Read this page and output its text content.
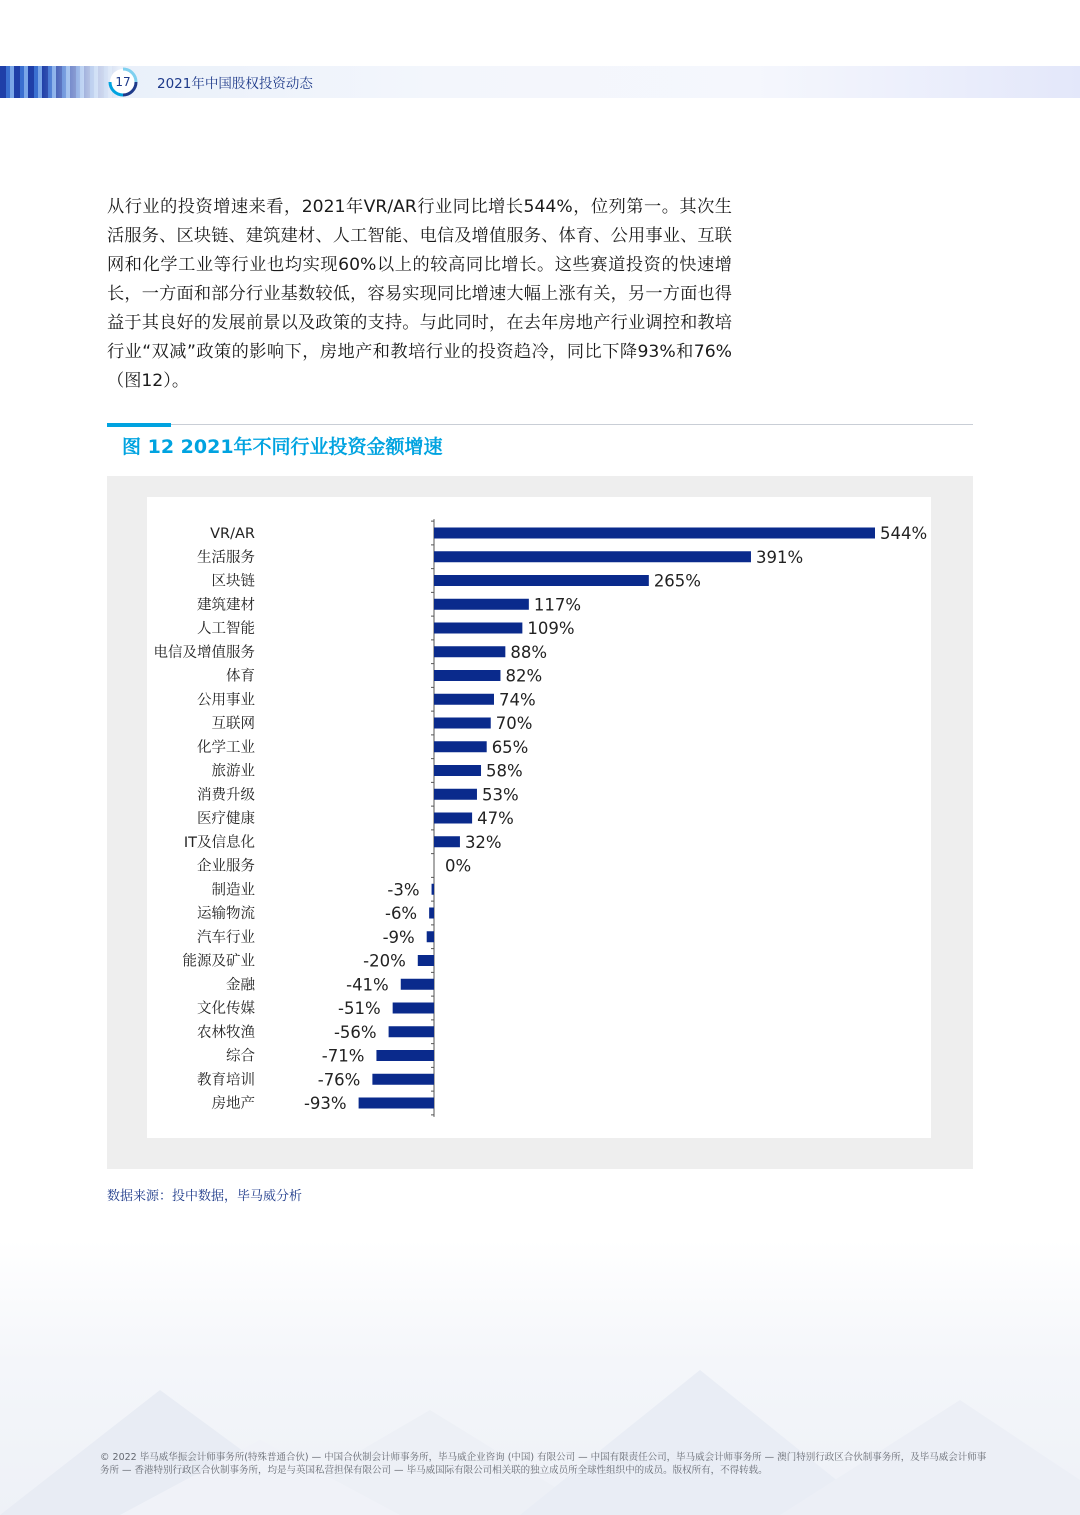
17	2021年中国股权投资动态

从行业的投资增速来看，2021年VR/AR行业同比增长544%，位列第一。其次生活服务、区块链、建筑建材、人工智能、电信及增值服务、体育、公用事业、互联网和化学工业等行业也均实现60%以上的较高同比增长。这些赛道投资的快速增长，一方面和部分行业基数较低，容易实现同比增速大幅上涨有关，另一方面也得益于其良好的发展前景以及政策的支持。与此同时，在去年房地产行业调控和教培行业“双减”政策的影响下，房地产和教培行业的投资趋冷，同比下降93%和76%（图12）。

图 12 2021年不同行业投资金额增速
VR/AR	544%
生活服务	391%
区块链	265%
建筑建材	117%
人工智能	109%
电信及增值服务	88%
体育	82%
公用事业	74%
互联网	70%
化学工业	65%
旅游业	58%
消费升级	53%
医疗健康	47%
IT及信息化	32%
企业服务	0%
制造业	-3%
运输物流	-6%
汽车行业	-9%
能源及矿业	-20%
金融	-41%
文化传媒	-51%
农林牧渔	-56%
综合	-71%
教育培训	-76%
房地产	-93%
数据来源：投中数据，毕马威分析

© 2022 毕马威华振会计师事务所(特殊普通合伙) — 中国合伙制会计师事务所，毕马威企业咨询 (中国) 有限公司 — 中国有限责任公司，毕马威会计师事务所 — 澳门特别行政区合伙制事务所，及毕马威会计师事务所 — 香港特别行政区合伙制事务所，均是与英国私营担保有限公司 — 毕马威国际有限公司相关联的独立成员所全球性组织中的成员。版权所有，不得转载。
